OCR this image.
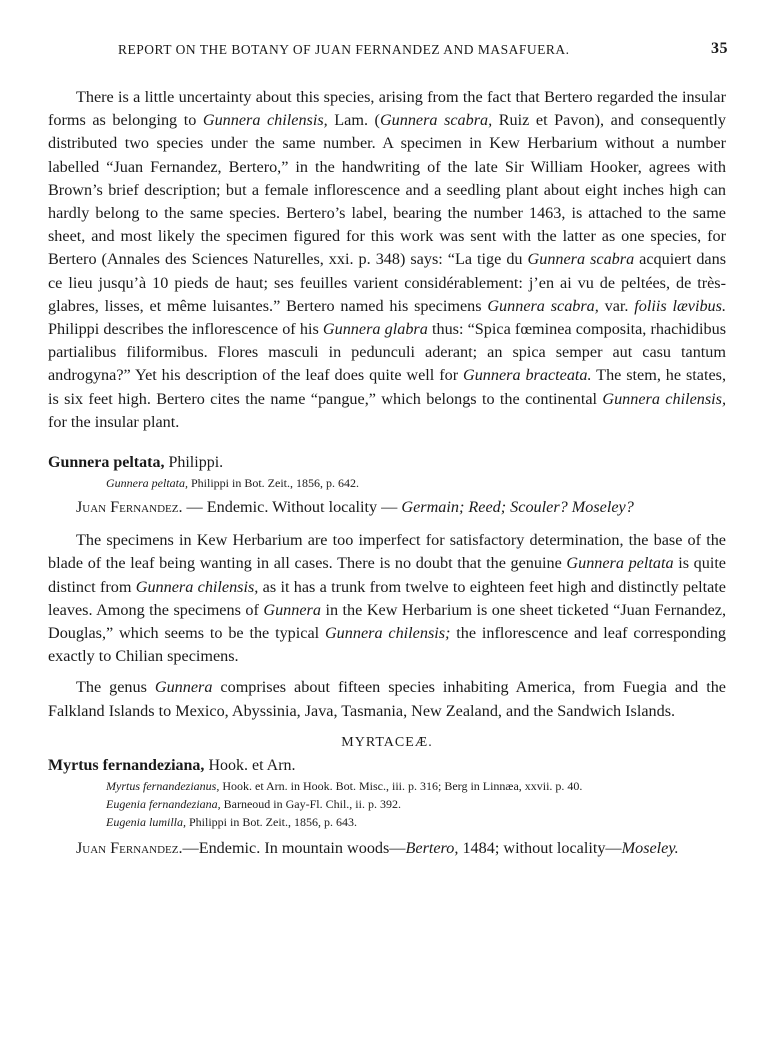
REPORT ON THE BOTANY OF JUAN FERNANDEZ AND MASAFUERA.	35

There is a little uncertainty about this species, arising from the fact that Bertero regarded the insular forms as belonging to Gunnera chilensis, Lam. (Gunnera scabra, Ruiz et Pavon), and consequently distributed two species under the same number. A specimen in Kew Herbarium without a number labelled “Juan Fernandez, Bertero,” in the handwriting of the late Sir William Hooker, agrees with Brown’s brief description; but a female inflorescence and a seedling plant about eight inches high can hardly belong to the same species. Bertero’s label, bearing the number 1463, is attached to the same sheet, and most likely the specimen figured for this work was sent with the latter as one species, for Bertero (Annales des Sciences Naturelles, xxi. p. 348) says: “La tige du Gunnera scabra acquiert dans ce lieu jusqu’à 10 pieds de haut; ses feuilles varient considérablement: j’en ai vu de peltées, de très-glabres, lisses, et même luisantes.” Bertero named his specimens Gunnera scabra, var. foliis lævibus. Philippi describes the inflorescence of his Gunnera glabra thus: “Spica fœminea composita, rhachidibus partialibus filiformibus. Flores masculi in pedunculi aderant; an spica semper aut casu tantum androgyna?” Yet his description of the leaf does quite well for Gunnera bracteata. The stem, he states, is six feet high. Bertero cites the name “pangue,” which belongs to the continental Gunnera chilensis, for the insular plant.

Gunnera peltata, Philippi.
Gunnera peltata, Philippi in Bot. Zeit., 1856, p. 642.

Juan Fernandez. — Endemic. Without locality — Germain; Reed; Scouler? Moseley?

The specimens in Kew Herbarium are too imperfect for satisfactory determination, the base of the blade of the leaf being wanting in all cases. There is no doubt that the genuine Gunnera peltata is quite distinct from Gunnera chilensis, as it has a trunk from twelve to eighteen feet high and distinctly peltate leaves. Among the specimens of Gunnera in the Kew Herbarium is one sheet ticketed “Juan Fernandez, Douglas,” which seems to be the typical Gunnera chilensis; the inflorescence and leaf corresponding exactly to Chilian specimens.

The genus Gunnera comprises about fifteen species inhabiting America, from Fuegia and the Falkland Islands to Mexico, Abyssinia, Java, Tasmania, New Zealand, and the Sandwich Islands.

MYRTACEÆ.
Myrtus fernandeziana, Hook. et Arn.
Myrtus fernandezianus, Hook. et Arn. in Hook. Bot. Misc., iii. p. 316; Berg in Linnæa, xxvii. p. 40.
Eugenia fernandeziana, Barneoud in Gay-Fl. Chil., ii. p. 392.
Eugenia lumilla, Philippi in Bot. Zeit., 1856, p. 643.

Juan Fernandez.—Endemic. In mountain woods—Bertero, 1484; without locality—Moseley.
